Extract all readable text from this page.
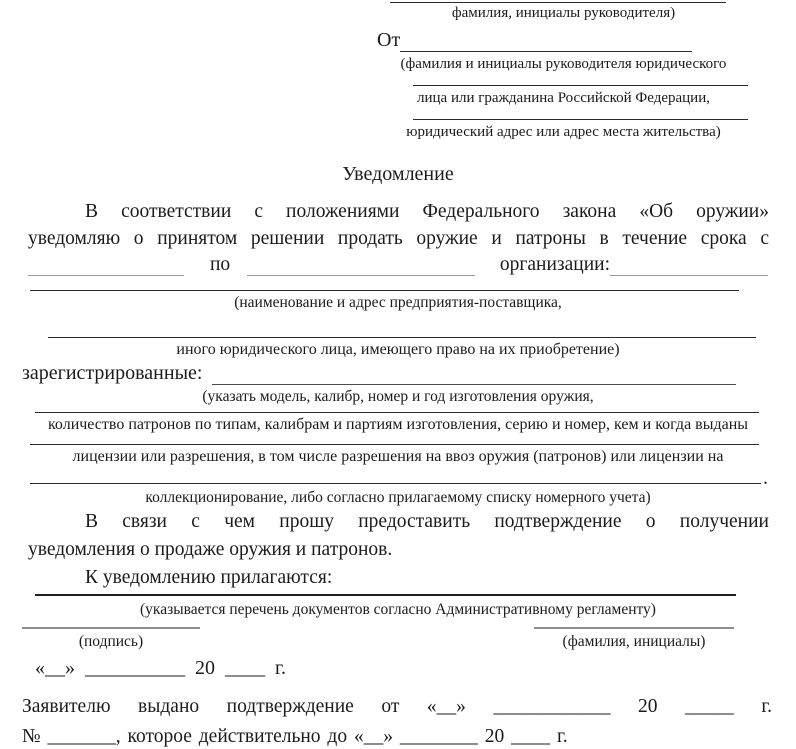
фамилия, инициалы руководителя)
От
(фамилия и инициалы руководителя юридического
лица или гражданина Российской Федерации,
юридический адрес или адрес места жительства)
Уведомление
В соответствии с положениями Федерального закона «Об оружии»
уведомляю о принятом решении продать оружие и патроны в течение срока с
по	организации:
(наименование и адрес предприятия-поставщика,
иного юридического лица, имеющего право на их приобретение)
зарегистрированные:
(указать модель, калибр, номер и год изготовления оружия,
количество патронов по типам, калибрам и партиям изготовления, серию и номер, кем и когда выданы
лицензии или разрешения, в том числе разрешения на ввоз оружия (патронов) или лицензии на
.
коллекционирование, либо согласно прилагаемому списку номерного учета)
В связи с чем прошу предоставить подтверждение о получении
уведомления о продаже оружия и патронов.
К уведомлению прилагаются:
(указывается перечень документов согласно Административному регламенту)
(подпись)	(фамилия, инициалы)
«__» __________ 20 ____ г.
Заявителю выдано подтверждение от «__» ____________ 20 _____ г.
№ _______, которое действительно до «__» ________ 20 ____ г.
